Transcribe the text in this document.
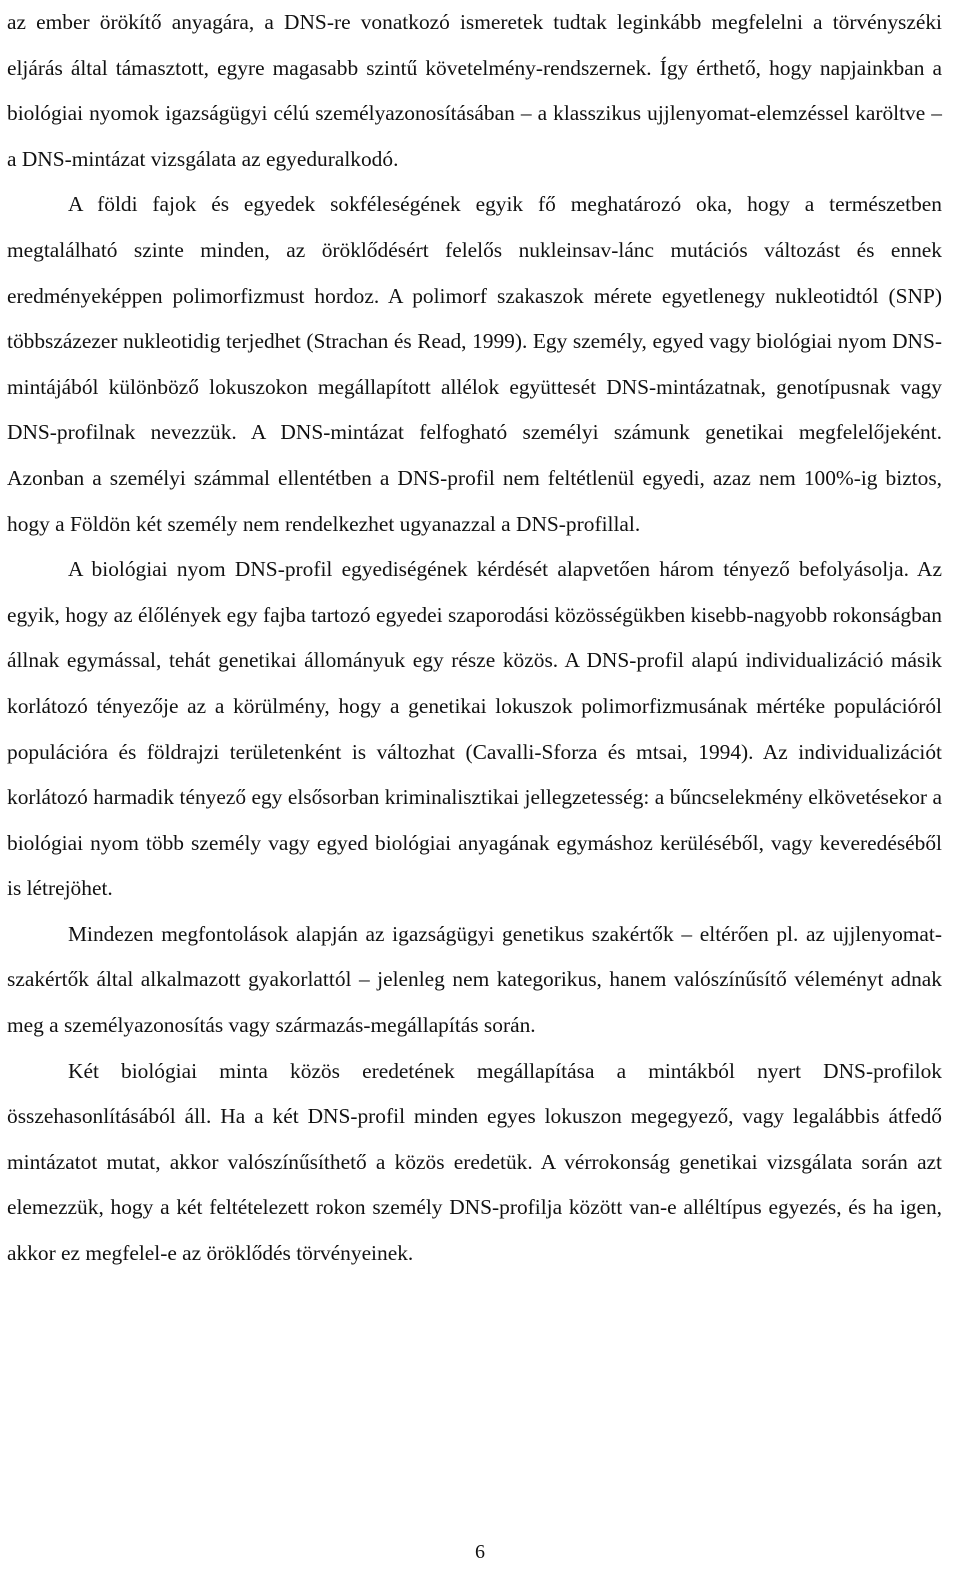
az ember örökítő anyagára, a DNS-re vonatkozó ismeretek tudtak leginkább megfelelni a törvényszéki eljárás által támasztott, egyre magasabb szintű követelmény-rendszernek. Így érthető, hogy napjainkban a biológiai nyomok igazságügyi célú személyazonosításában – a klasszikus ujjlenyomat-elemzéssel karöltve – a DNS-mintázat vizsgálata az egyeduralkodó.

A földi fajok és egyedek sokféleségének egyik fő meghatározó oka, hogy a természetben megtalálható szinte minden, az öröklődésért felelős nukleinsav-lánc mutációs változást és ennek eredményeképpen polimorfizmust hordoz. A polimorf szakaszok mérete egyetlenegy nukleotidtól (SNP) többszázezer nukleotidig terjedhet (Strachan és Read, 1999). Egy személy, egyed vagy biológiai nyom DNS-mintájából különböző lokuszokon megállapított allélok együttesét DNS-mintázatnak, genotípusnak vagy DNS-profilnak nevezzük. A DNS-mintázat felfogható személyi számunk genetikai megfelelőjeként. Azonban a személyi számmal ellentétben a DNS-profil nem feltétlenül egyedi, azaz nem 100%-ig biztos, hogy a Földön két személy nem rendelkezhet ugyanazzal a DNS-profillal.

A biológiai nyom DNS-profil egyediségének kérdését alapvetően három tényező befolyásolja. Az egyik, hogy az élőlények egy fajba tartozó egyedei szaporodási közösségükben kisebb-nagyobb rokonságban állnak egymással, tehát genetikai állományuk egy része közös. A DNS-profil alapú individualizáció másik korlátozó tényezője az a körülmény, hogy a genetikai lokuszok polimorfizmusának mértéke populációról populációra és földrajzi területenként is változhat (Cavalli-Sforza és mtsai, 1994). Az individualizációt korlátozó harmadik tényező egy elsősorban kriminalisztikai jellegzetesség: a bűncselekmény elkövetésekor a biológiai nyom több személy vagy egyed biológiai anyagának egymáshoz kerüléséből, vagy keveredéséből is létrejöhet.

Mindezen megfontolások alapján az igazságügyi genetikus szakértők – eltérően pl. az ujjlenyomat-szakértők által alkalmazott gyakorlattól – jelenleg nem kategorikus, hanem valószínűsítő véleményt adnak meg a személyazonosítás vagy származás-megállapítás során.

Két biológiai minta közös eredetének megállapítása a mintákból nyert DNS-profilok összehasonlításából áll. Ha a két DNS-profil minden egyes lokuszon megegyező, vagy legalábbis átfedő mintázatot mutat, akkor valószínűsíthető a közös eredetük. A vérrokonság genetikai vizsgálata során azt elemezzük, hogy a két feltételezett rokon személy DNS-profilja között van-e alléltípus egyezés, és ha igen, akkor ez megfelel-e az öröklődés törvényeinek.

6
